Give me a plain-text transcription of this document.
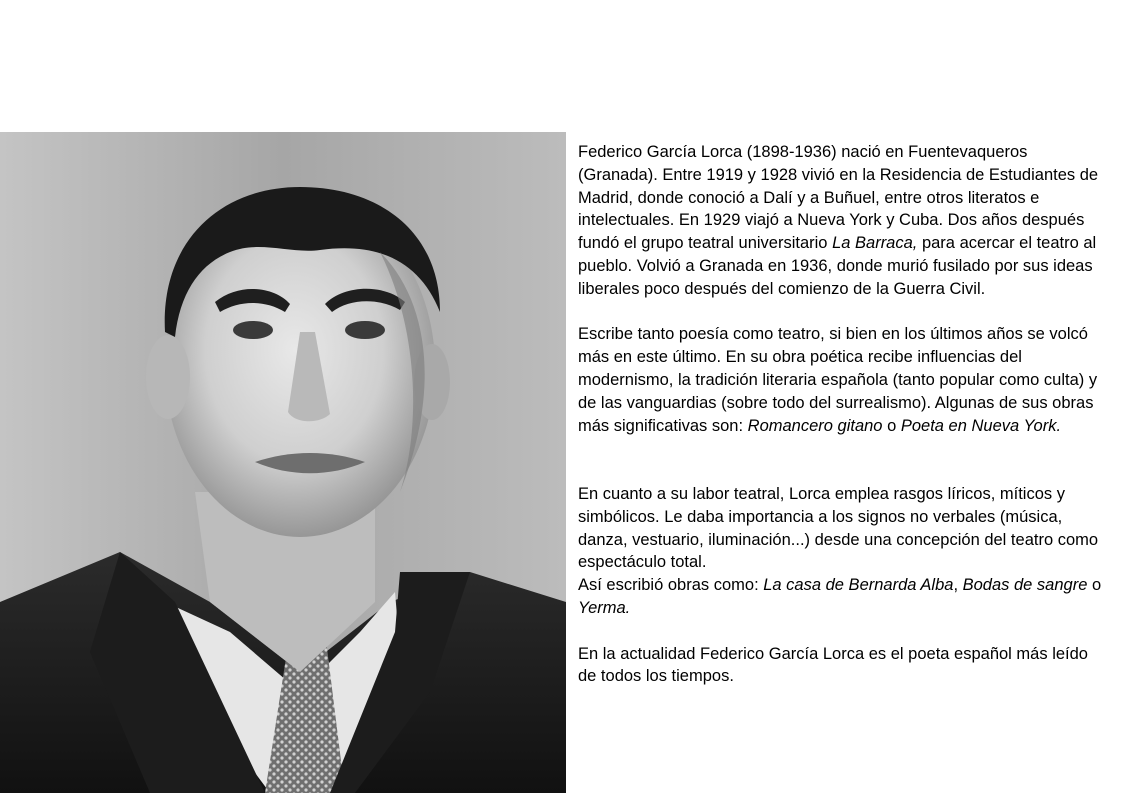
Federico García Lorca (1898-1936) nació en Fuentevaqueros (Granada). Entre 1919 y 1928 vivió en la Residencia de Estudiantes de Madrid, donde conoció a Dalí y a Buñuel, entre otros literatos e intelectuales. En 1929 viajó a Nueva York y Cuba. Dos años después fundó el grupo teatral universitario La Barraca, para acercar el teatro al pueblo. Volvió a Granada en 1936, donde murió fusilado por sus ideas liberales poco después del comienzo de la Guerra Civil.

Escribe tanto poesía como teatro, si bien en los últimos años se volcó más en este último. En su obra poética recibe influencias del modernismo, la tradición literaria española (tanto popular como culta) y de las vanguardias (sobre todo del surrealismo). Algunas de sus obras más significativas son: Romancero gitano o Poeta en Nueva York.

En cuanto a su labor teatral, Lorca emplea rasgos líricos, míticos y simbólicos. Le daba importancia a los signos no verbales (música, danza, vestuario, iluminación...) desde una concepción del teatro como espectáculo total.

Así escribió obras como: La casa de Bernarda Alba, Bodas de sangre o Yerma.

En la actualidad Federico García Lorca es el poeta español más leído de todos los tiempos.
